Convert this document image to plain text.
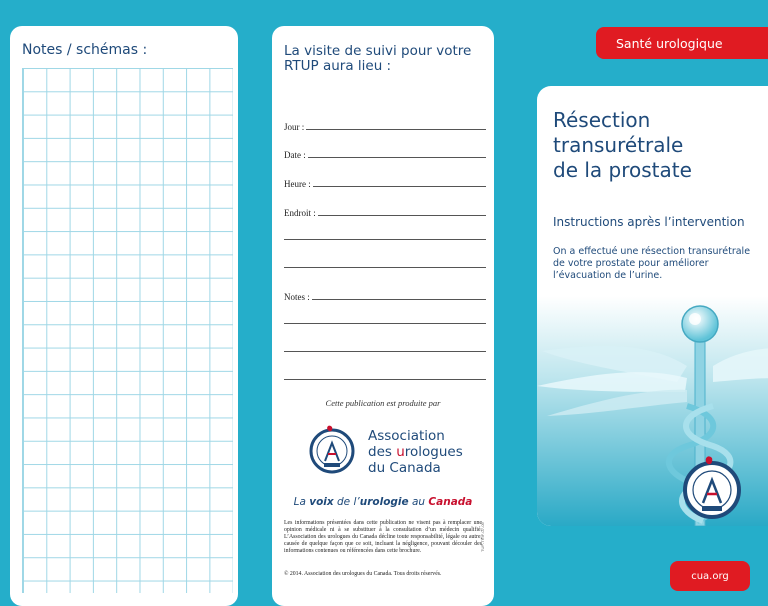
Notes / schémas :	La visite de suivi pour votre RTUP aura lieu :
Jour :
Date :
Heure :
Endroit :
Notes :
Cette publication est produite par
Association
des urologues
du Canada
La voix de l’urologie au Canada
Les informations présentées dans cette publication ne visent pas à remplacer une opinion médicale ni à se substituer à la consultation d’un médecin qualifié. L’Association des urologues du Canada décline toute responsabilité, légale ou autre, causée de quelque façon que ce soit, incluant la négligence, pouvant découler des informations contenues ou référencées dans cette brochure.
© 2014. Association des urologues du Canada. Tous droits réservés.
TUP-TRIF-07-09
Santé urologique
Résection
transurétrale
de la prostate
Instructions après l’intervention
On a effectué une résection transurétrale de votre prostate pour améliorer l’évacuation de l’urine.
cua.org
